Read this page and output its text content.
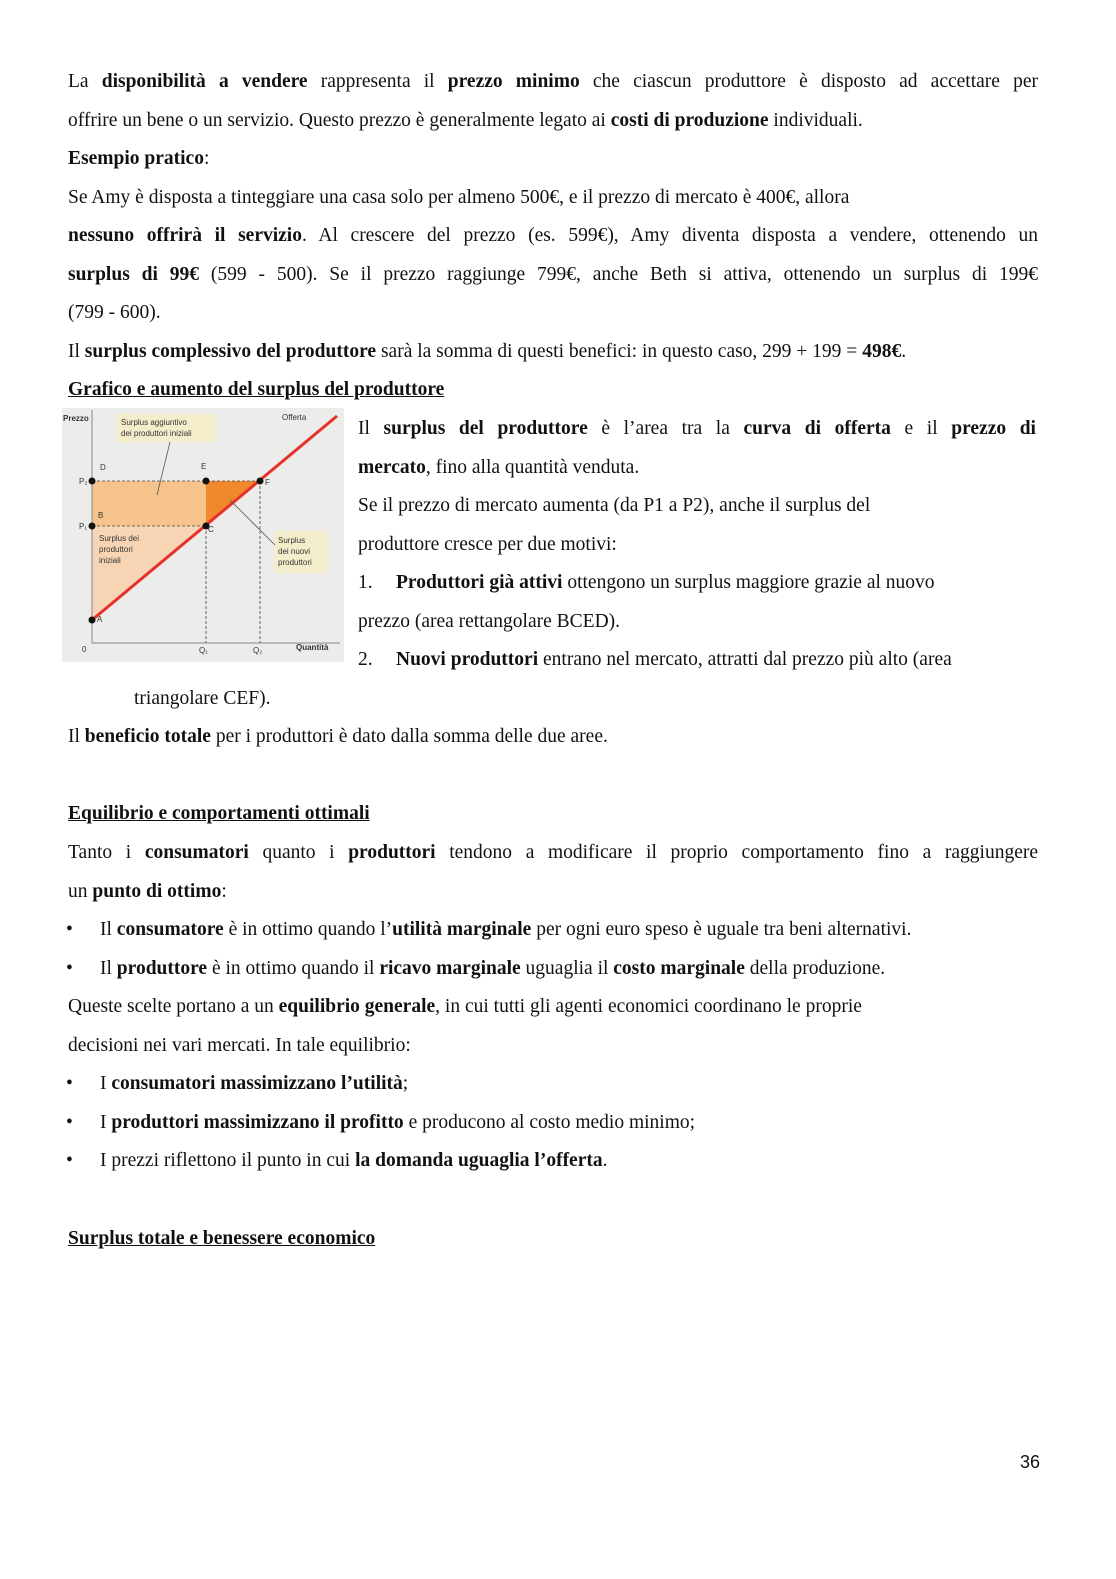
La disponibilità a vendere rappresenta il prezzo minimo che ciascun produttore è disposto ad accettare per
offrire un bene o un servizio. Questo prezzo è generalmente legato ai costi di produzione individuali.
Esempio pratico:
Se Amy è disposta a tinteggiare una casa solo per almeno 500€, e il prezzo di mercato è 400€, allora
nessuno offrirà il servizio. Al crescere del prezzo (es. 599€), Amy diventa disposta a vendere, ottenendo un
surplus di 99€ (599 - 500). Se il prezzo raggiunge 799€, anche Beth si attiva, ottenendo un surplus di 199€
(799 - 600).
Il surplus complessivo del produttore sarà la somma di questi benefici: in questo caso, 299 + 199 = 498€.
Grafico e aumento del surplus del produttore
Il surplus del produttore è l’area tra la curva di offerta e il prezzo di
mercato, fino alla quantità venduta.
Se il prezzo di mercato aumenta (da P1 a P2), anche il surplus del
produttore cresce per due motivi:
1. Produttori già attivi ottengono un surplus maggiore grazie al nuovo
prezzo (area rettangolare BCED).
2. Nuovi produttori entrano nel mercato, attratti dal prezzo più alto (area
triangolare CEF).
Il beneficio totale per i produttori è dato dalla somma delle due aree.
Equilibrio e comportamenti ottimali
Tanto i consumatori quanto i produttori tendono a modificare il proprio comportamento fino a raggiungere
un punto di ottimo:
• Il consumatore è in ottimo quando l’utilità marginale per ogni euro speso è uguale tra beni alternativi.
• Il produttore è in ottimo quando il ricavo marginale uguaglia il costo marginale della produzione.
Queste scelte portano a un equilibrio generale, in cui tutti gli agenti economici coordinano le proprie
decisioni nei vari mercati. In tale equilibrio:
• I consumatori massimizzano l’utilità;
• I produttori massimizzano il profitto e producono al costo medio minimo;
• I prezzi riflettono il punto in cui la domanda uguaglia l’offerta.
Surplus totale e benessere economico
Prezzo	Offerta
Quantità
0
P₂
P₁
Q₁	Q₂
D	E
F
B
C
A
Surplus aggiuntivo
dei produttori iniziali
Surplus dei
produttori
iniziali
Surplus
dei nuovi
produttori
36
